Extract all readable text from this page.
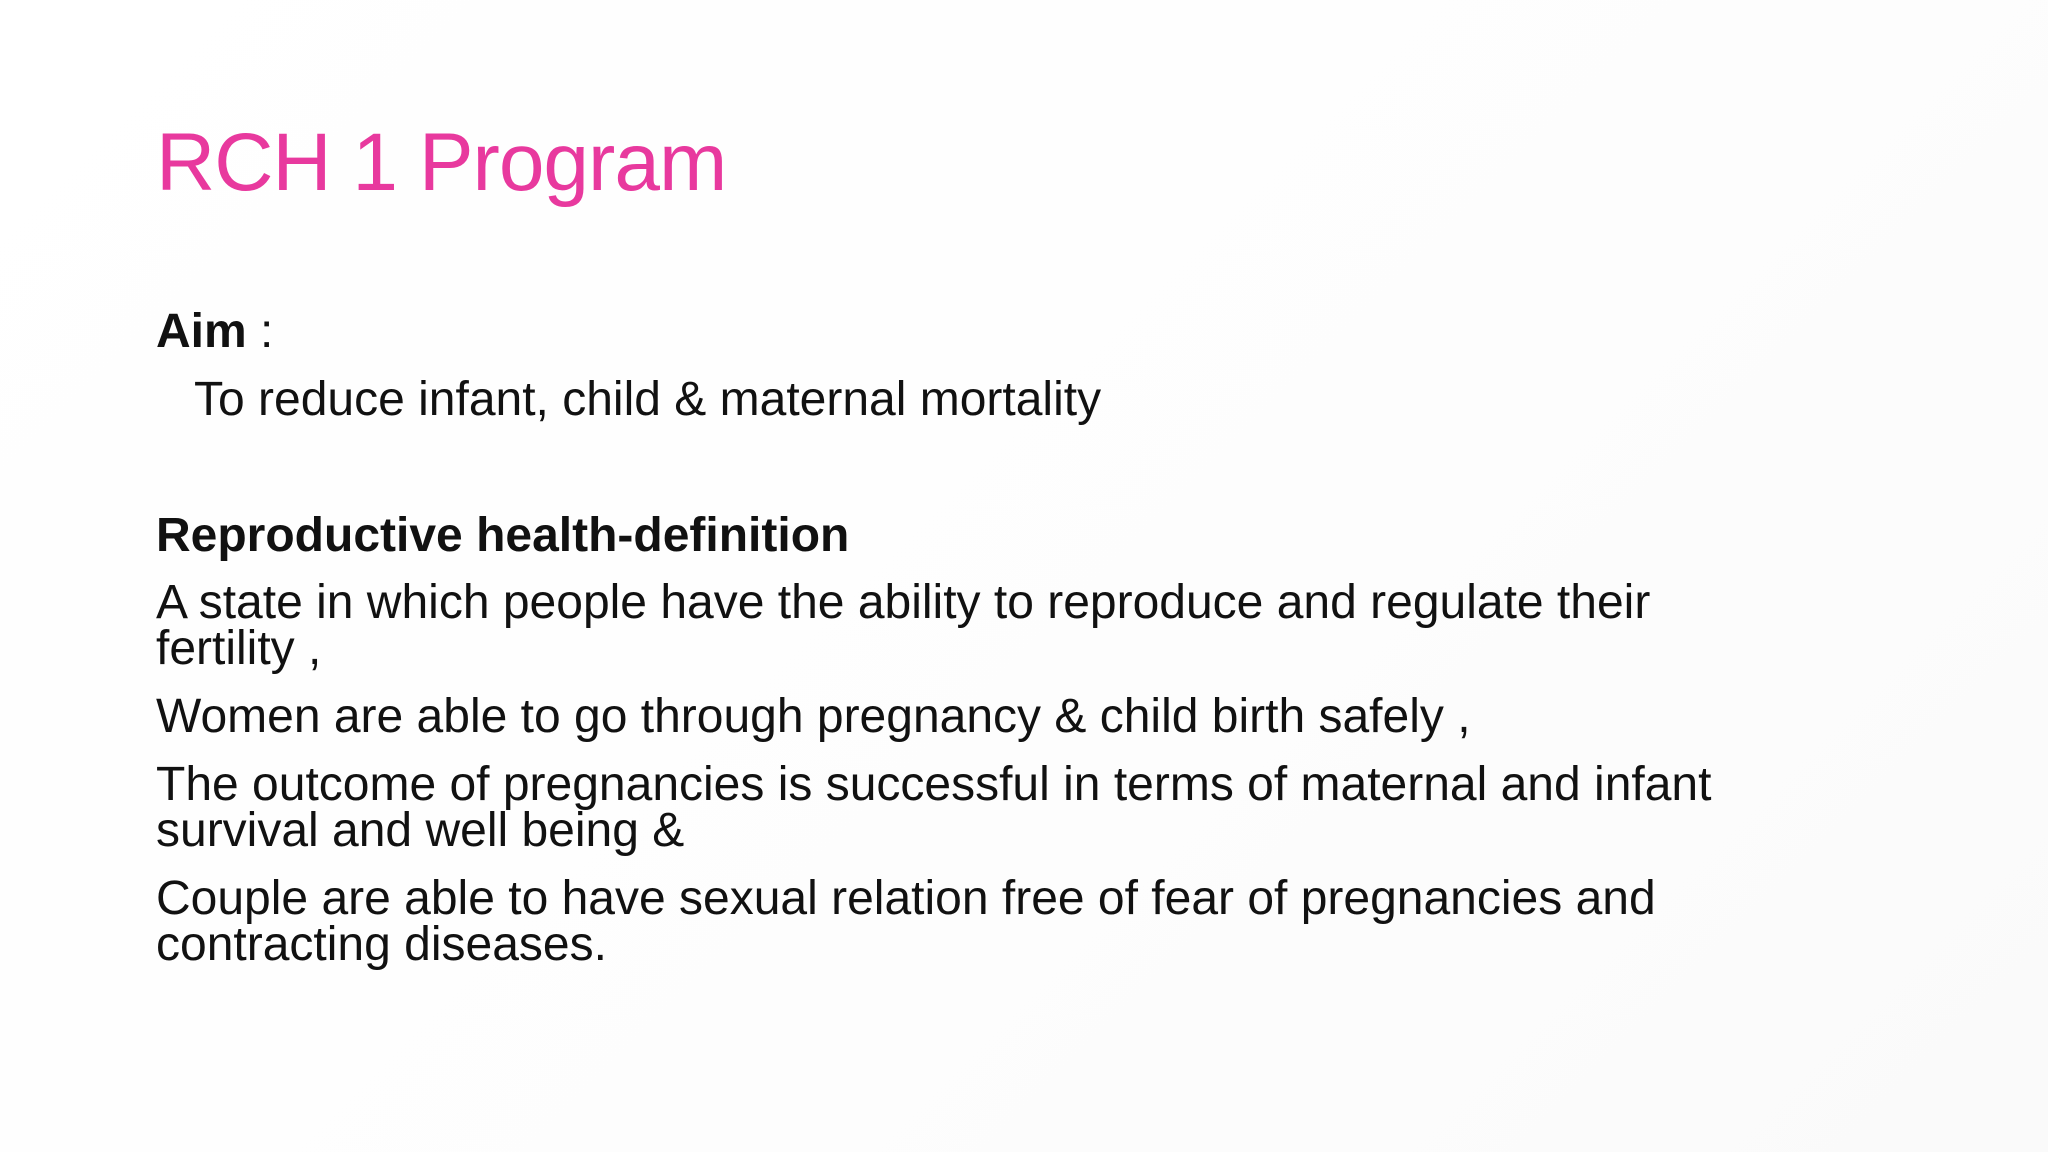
RCH 1 Program
Aim :
To reduce infant, child & maternal mortality
Reproductive health-definition
A state in which people have the ability to reproduce and regulate their
fertility ,
Women are able to go through pregnancy & child birth safely ,
The outcome of pregnancies is successful in terms of maternal and infant
survival and well being &
Couple are able to have sexual relation free of fear of pregnancies and
contracting diseases.
